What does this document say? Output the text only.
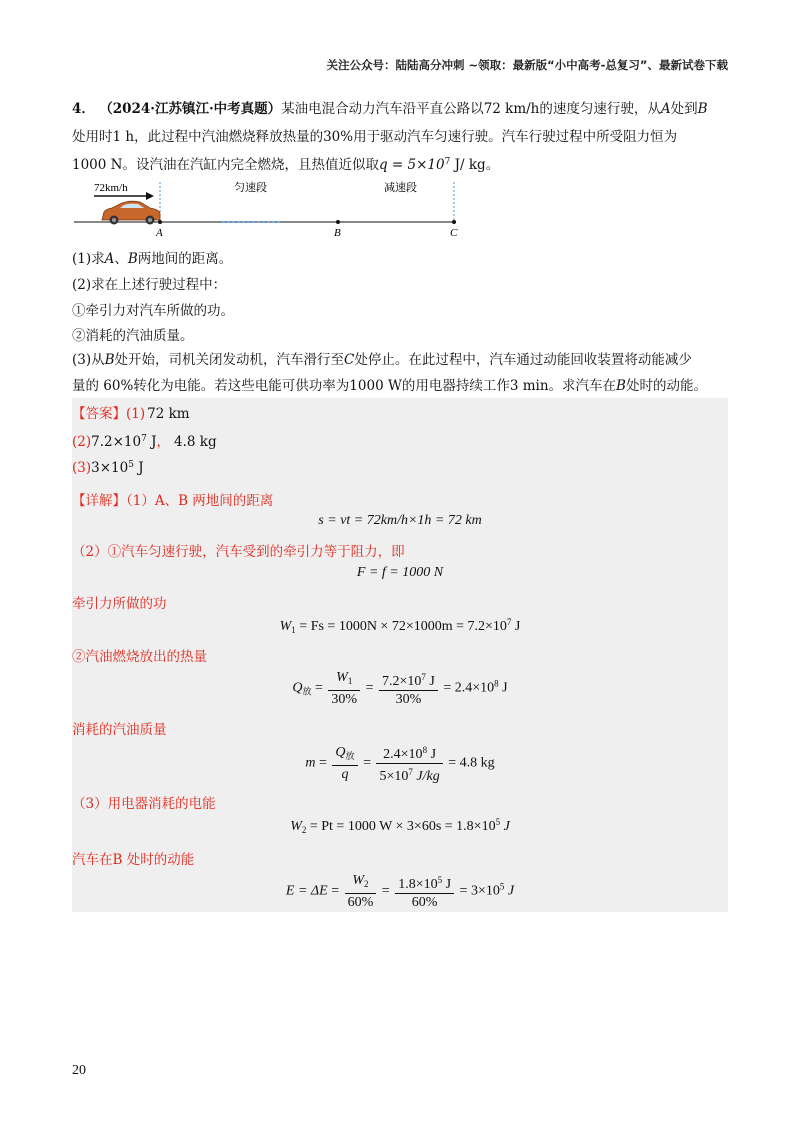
关注公众号：陆陆高分冲刺 ~领取：最新版“小中高考-总复习”、最新试卷下载
4． （2024·江苏镇江·中考真题）某油电混合动力汽车沿平直公路以72 km/h的速度匀速行驶，从A处到B
处用时1 h，此过程中汽油燃烧释放热量的30%用于驱动汽车匀速行驶。汽车行驶过程中所受阻力恒为
1000 N。设汽油在汽缸内完全燃烧，且热值近似取$q = 5\times 10^7$ J/ kg。
72km/h	匀速段	减速段
A	B	C
(1)求A、B两地间的距离。
(2)求在上述行驶过程中：
①牵引力对汽车所做的功。
②消耗的汽油质量。
(3)从B处开始，司机关闭发动机，汽车滑行至C处停止。在此过程中，汽车通过动能回收装置将动能减少
量的 60%转化为电能。若这些电能可供功率为1000 W的用电器持续工作3 min。求汽车在B处时的动能。
【答案】(1) 72 km
$(2)7.2\times 10^7$ J， 4.8 kg
$(3)3\times 10^5$ J
【详解】（1）A、B 两地间的距离
s = vt = 72km/h×1h = 72 km
（2）①汽车匀速行驶，汽车受到的牵引力等于阻力，即
F = f = 1000 N
牵引力所做的功
$W_1 = Fs = 1000N \times 72\times 1000m = 7.2\times 10^7$ J
②汽油燃烧放出的热量
$Q_放 = \frac{W_1}{30\%} = \frac{7.2\times 10^7 J}{30\%} = 2.4\times 10^8$ J
消耗的汽油质量
$m = \frac{Q_放}{q} = \frac{2.4\times 10^8 J}{5\times 10^7 J/kg} = 4.8$ kg
（3）用电器消耗的电能
$W_2 = Pt = 1000$ $W \times 3\times 60s = 1.8\times 10^5$ J
汽车在B 处时的动能
$E = \Delta E = \frac{W_2}{60\%} = \frac{1.8\times 10^5 J}{60\%} = 3\times 10^5$ J
20
